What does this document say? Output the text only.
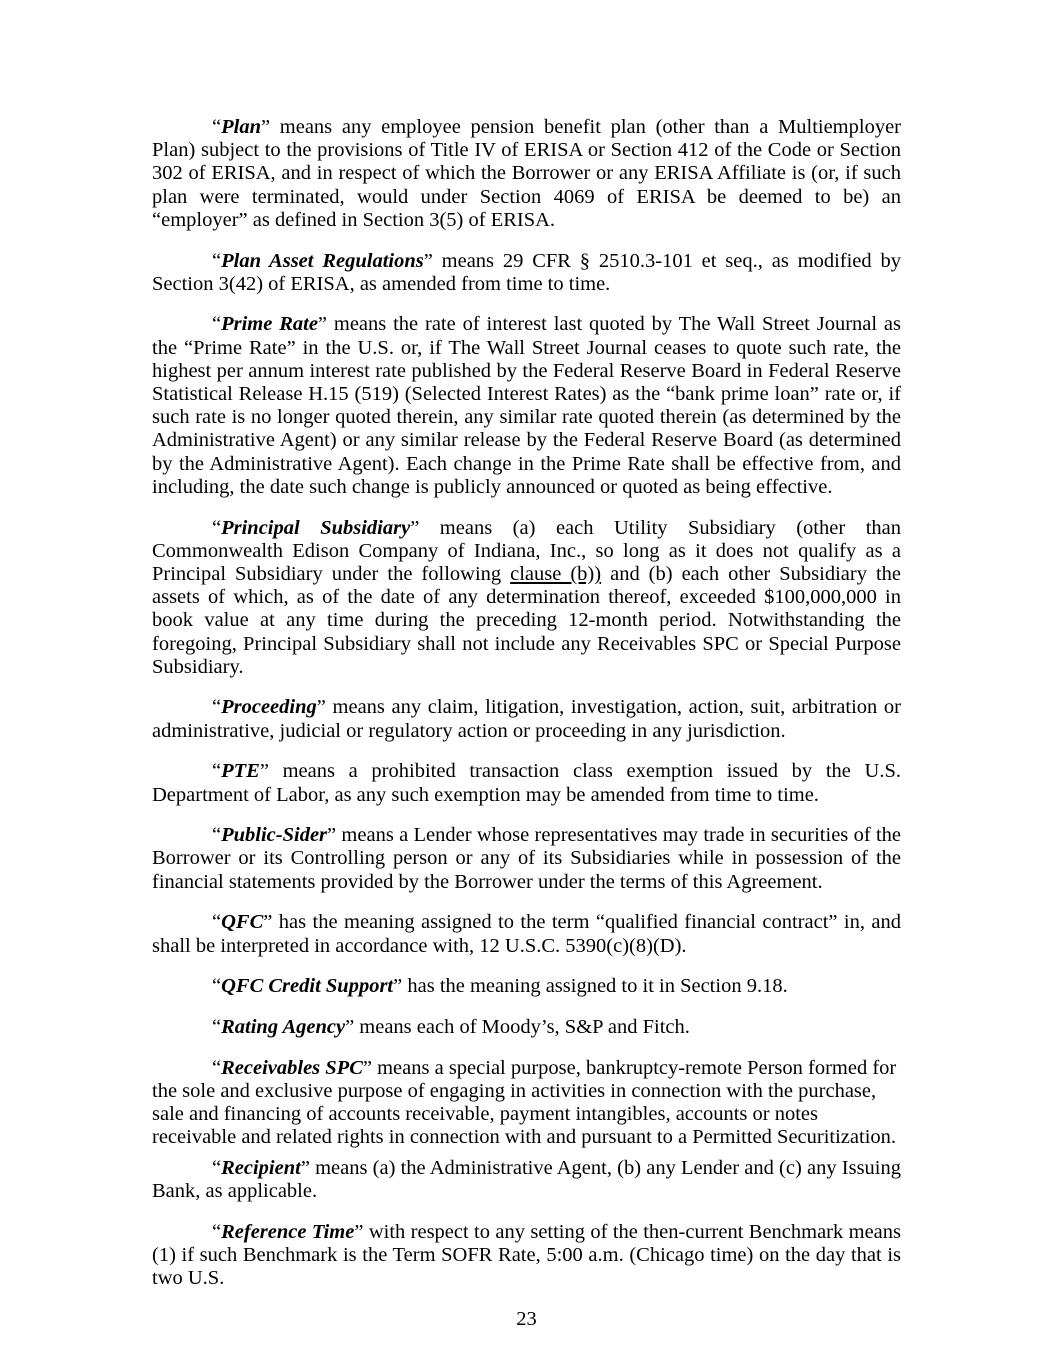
“Plan” means any employee pension benefit plan (other than a Multiemployer Plan) subject to the provisions of Title IV of ERISA or Section 412 of the Code or Section 302 of ERISA, and in respect of which the Borrower or any ERISA Affiliate is (or, if such plan were terminated, would under Section 4069 of ERISA be deemed to be) an “employer” as defined in Section 3(5) of ERISA.

“Plan Asset Regulations” means 29 CFR § 2510.3-101 et seq., as modified by Section 3(42) of ERISA, as amended from time to time.

“Prime Rate” means the rate of interest last quoted by The Wall Street Journal as the “Prime Rate” in the U.S. or, if The Wall Street Journal ceases to quote such rate, the highest per annum interest rate published by the Federal Reserve Board in Federal Reserve Statistical Release H.15 (519) (Selected Interest Rates) as the “bank prime loan” rate or, if such rate is no longer quoted therein, any similar rate quoted therein (as determined by the Administrative Agent) or any similar release by the Federal Reserve Board (as determined by the Administrative Agent). Each change in the Prime Rate shall be effective from, and including, the date such change is publicly announced or quoted as being effective.

“Principal Subsidiary” means (a) each Utility Subsidiary (other than Commonwealth Edison Company of Indiana, Inc., so long as it does not qualify as a Principal Subsidiary under the following clause (b)) and (b) each other Subsidiary the assets of which, as of the date of any determination thereof, exceeded $100,000,000 in book value at any time during the preceding 12-month period. Notwithstanding the foregoing, Principal Subsidiary shall not include any Receivables SPC or Special Purpose Subsidiary.

“Proceeding” means any claim, litigation, investigation, action, suit, arbitration or administrative, judicial or regulatory action or proceeding in any jurisdiction.

“PTE” means a prohibited transaction class exemption issued by the U.S. Department of Labor, as any such exemption may be amended from time to time.

“Public-Sider” means a Lender whose representatives may trade in securities of the Borrower or its Controlling person or any of its Subsidiaries while in possession of the financial statements provided by the Borrower under the terms of this Agreement.

“QFC” has the meaning assigned to the term “qualified financial contract” in, and shall be interpreted in accordance with, 12 U.S.C. 5390(c)(8)(D).

“QFC Credit Support” has the meaning assigned to it in Section 9.18.

“Rating Agency” means each of Moody’s, S&P and Fitch.

“Receivables SPC” means a special purpose, bankruptcy-remote Person formed for the sole and exclusive purpose of engaging in activities in connection with the purchase, sale and financing of accounts receivable, payment intangibles, accounts or notes receivable and related rights in connection with and pursuant to a Permitted Securitization.

“Recipient” means (a) the Administrative Agent, (b) any Lender and (c) any Issuing Bank, as applicable.

“Reference Time” with respect to any setting of the then-current Benchmark means (1) if such Benchmark is the Term SOFR Rate, 5:00 a.m. (Chicago time) on the day that is two U.S.

23
